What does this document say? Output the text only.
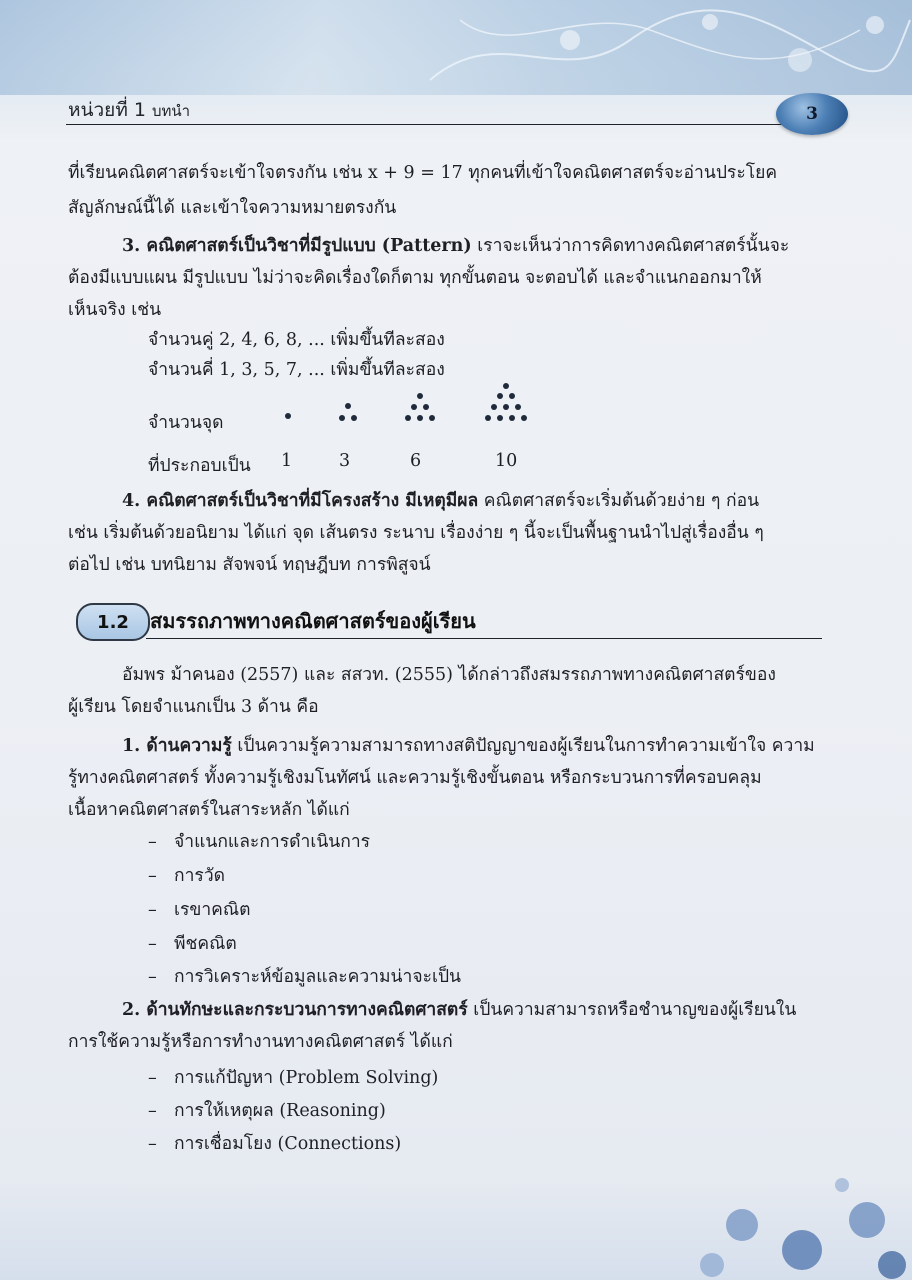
หน่วยที่ 1 บทนำ	3
ที่เรียนคณิตศาสตร์จะเข้าใจตรงกัน เช่น x + 9 = 17 ทุกคนที่เข้าใจคณิตศาสตร์จะอ่านประโยค
สัญลักษณ์นี้ได้ และเข้าใจความหมายตรงกัน
3. คณิตศาสตร์เป็นวิชาที่มีรูปแบบ (Pattern) เราจะเห็นว่าการคิดทางคณิตศาสตร์นั้นจะ
ต้องมีแบบแผน มีรูปแบบ ไม่ว่าจะคิดเรื่องใดก็ตาม ทุกขั้นตอน จะตอบได้ และจำแนกออกมาให้
เห็นจริง เช่น
จำนวนคู่ 2, 4, 6, 8, ... เพิ่มขึ้นทีละสอง
จำนวนคี่ 1, 3, 5, 7, ... เพิ่มขึ้นทีละสอง
จำนวนจุด
ที่ประกอบเป็น 1	3	6	10
4. คณิตศาสตร์เป็นวิชาที่มีโครงสร้าง มีเหตุมีผล คณิตศาสตร์จะเริ่มต้นด้วยง่าย ๆ ก่อน
เช่น เริ่มต้นด้วยอนิยาม ได้แก่ จุด เส้นตรง ระนาบ เรื่องง่าย ๆ นี้จะเป็นพื้นฐานนำไปสู่เรื่องอื่น ๆ
ต่อไป เช่น บทนิยาม สัจพจน์ ทฤษฎีบท การพิสูจน์
1.2	สมรรถภาพทางคณิตศาสตร์ของผู้เรียน
อัมพร ม้าคนอง (2557) และ สสวท. (2555) ได้กล่าวถึงสมรรถภาพทางคณิตศาสตร์ของ
ผู้เรียน โดยจำแนกเป็น 3 ด้าน คือ
1. ด้านความรู้ เป็นความรู้ความสามารถทางสติปัญญาของผู้เรียนในการทำความเข้าใจ ความ
รู้ทางคณิตศาสตร์ ทั้งความรู้เชิงมโนทัศน์ และความรู้เชิงขั้นตอน หรือกระบวนการที่ครอบคลุม
เนื้อหาคณิตศาสตร์ในสาระหลัก ได้แก่
– จำแนกและการดำเนินการ
– การวัด
– เรขาคณิต
– พีชคณิต
– การวิเคราะห์ข้อมูลและความน่าจะเป็น
2. ด้านทักษะและกระบวนการทางคณิตศาสตร์ เป็นความสามารถหรือชำนาญของผู้เรียนใน
การใช้ความรู้หรือการทำงานทางคณิตศาสตร์ ได้แก่
– การแก้ปัญหา (Problem Solving)
– การให้เหตุผล (Reasoning)
– การเชื่อมโยง (Connections)
